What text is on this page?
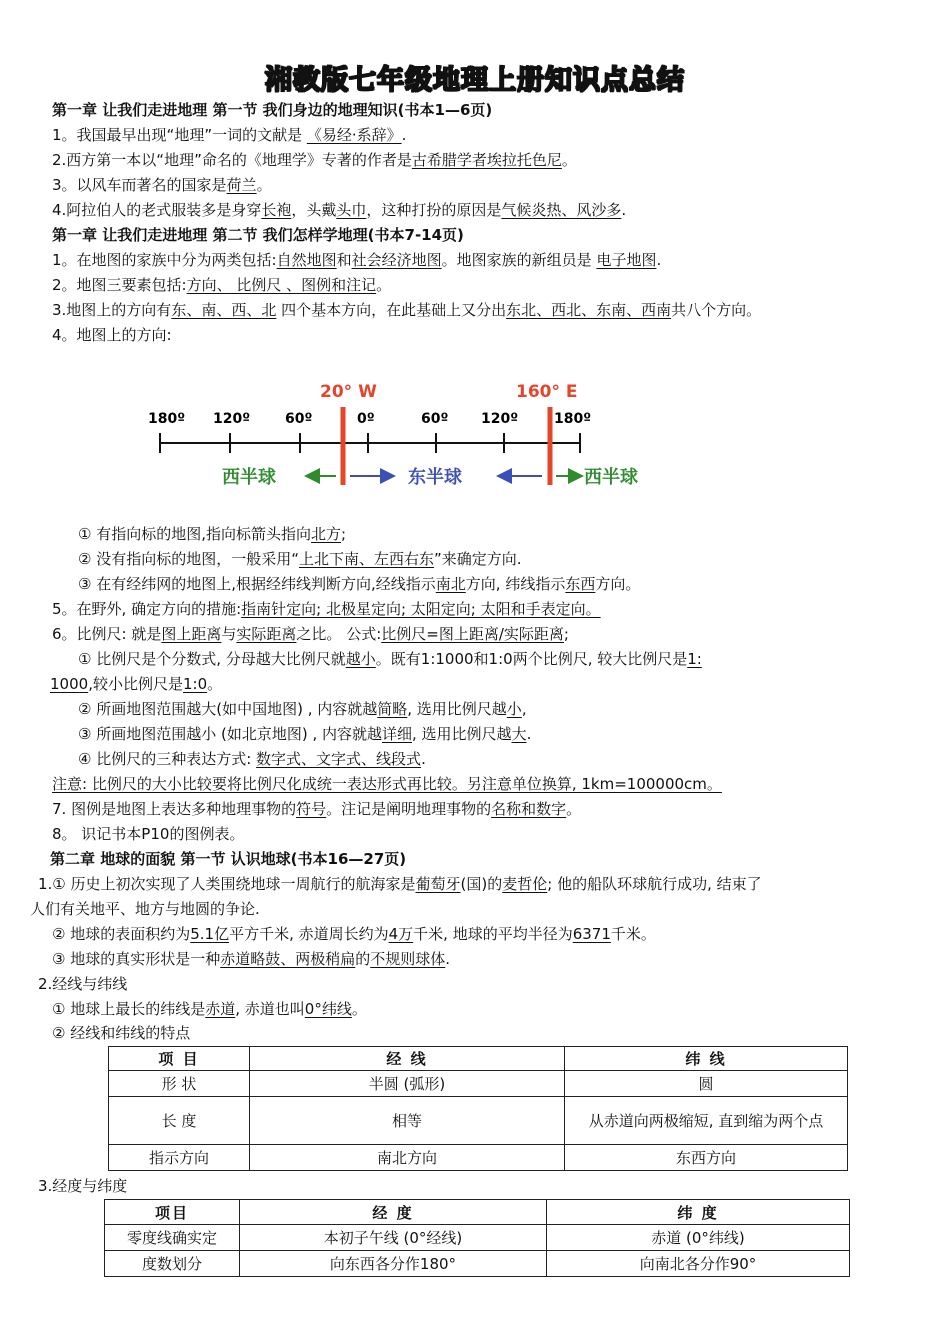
湘教版七年级地理上册知识点总结
第一章 让我们走进地理 第一节 我们身边的地理知识(书本1—6页)
1。我国最早出现“地理”一词的文献是 《易经·系辞》.
2.西方第一本以“地理”命名的《地理学》专著的作者是古希腊学者埃拉托色尼。
3。以风车而著名的国家是荷兰。
4.阿拉伯人的老式服装多是身穿长袍，头戴头巾，这种打扮的原因是气候炎热、风沙多.
第一章 让我们走进地理 第二节 我们怎样学地理(书本7-14页)
1。在地图的家族中分为两类包括:自然地图和社会经济地图。地图家族的新组员是 电子地图.
2。地图三要素包括:方向、 比例尺 、图例和注记。
3.地图上的方向有东、南、西、北 四个基本方向，在此基础上又分出东北、西北、东南、西南共八个方向。
4。地图上的方向:
20° W	160° E
180º 120º 60º	0º	60º 120º	180º
西半球	东半球	西半球
① 有指向标的地图,指向标箭头指向北方;
② 没有指向标的地图，一般采用“上北下南、左西右东”来确定方向.
③ 在有经纬网的地图上,根据经纬线判断方向,经线指示南北方向, 纬线指示东西方向。
5。在野外, 确定方向的措施:指南针定向; 北极星定向; 太阳定向; 太阳和手表定向。
6。比例尺: 就是图上距离与实际距离之比。 公式:比例尺=图上距离/实际距离;
① 比例尺是个分数式, 分母越大比例尺就越小。既有1:1000和1:0两个比例尺, 较大比例尺是1:
1000,较小比例尺是1:0。
② 所画地图范围越大(如中国地图) , 内容就越简略, 选用比例尺越小,
③ 所画地图范围越小 (如北京地图) , 内容就越详细, 选用比例尺越大.
④ 比例尺的三种表达方式: 数字式、文字式、线段式.
注意: 比例尺的大小比较要将比例尺化成统一表达形式再比较。另注意单位换算, 1km=100000cm。
7. 图例是地图上表达多种地理事物的符号。注记是阐明地理事物的名称和数字。
8。 识记书本P10的图例表。
第二章 地球的面貌 第一节 认识地球(书本16—27页)
1.① 历史上初次实现了人类围绕地球一周航行的航海家是葡萄牙(国)的麦哲伦; 他的船队环球航行成功, 结束了
人们有关地平、地方与地圆的争论.
② 地球的表面积约为5.1亿平方千米, 赤道周长约为4万千米, 地球的平均半径为6371千米。
③ 地球的真实形状是一种赤道略鼓、两极稍扁的不规则球体.
2.经线与纬线
① 地球上最长的纬线是赤道, 赤道也叫0°纬线。
② 经线和纬线的特点
项 目	经 线	纬 线
形 状	半圆 (弧形)	圆
长 度	相等	从赤道向两极缩短, 直到缩为两个点
指示方向	南北方向	东西方向
3.经度与纬度
项目	经 度	纬 度
零度线确实定	本初子午线 (0°经线)	赤道 (0°纬线)
度数划分	向东西各分作180°	向南北各分作90°
